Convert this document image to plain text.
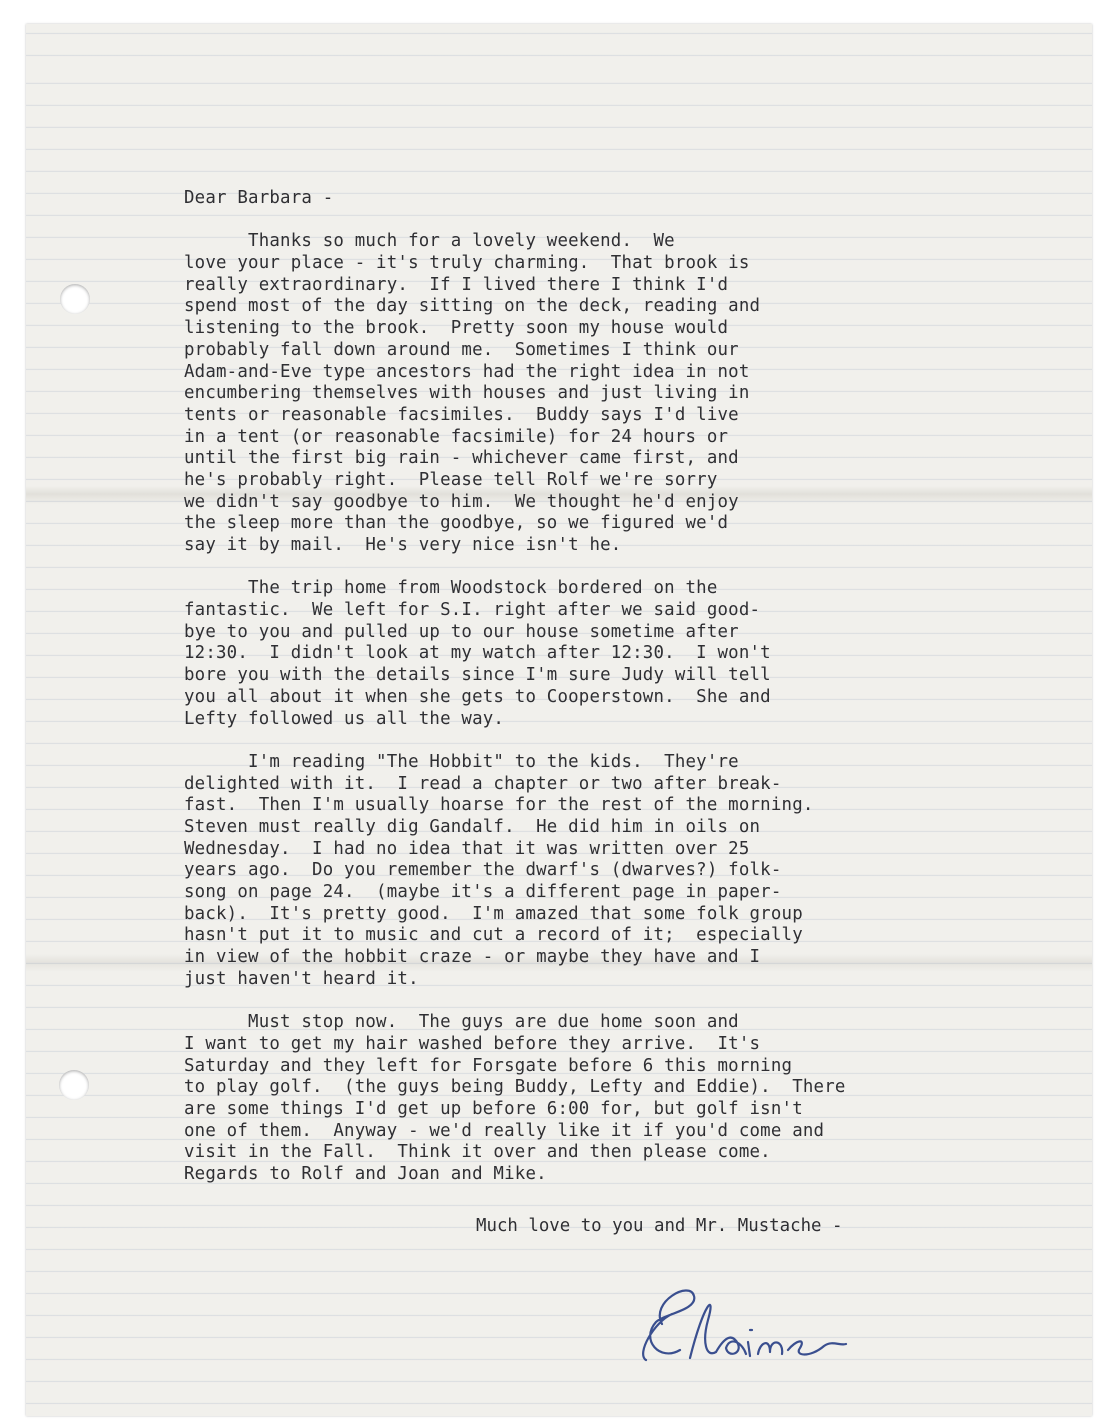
Dear Barbara -
Thanks so much for a lovely weekend.  We
love your place - it's truly charming.  That brook is
really extraordinary.  If I lived there I think I'd
spend most of the day sitting on the deck, reading and
listening to the brook.  Pretty soon my house would
probably fall down around me.  Sometimes I think our
Adam-and-Eve type ancestors had the right idea in not
encumbering themselves with houses and just living in
tents or reasonable facsimiles.  Buddy says I'd live
in a tent (or reasonable facsimile) for 24 hours or
until the first big rain - whichever came first, and
he's probably right.  Please tell Rolf we're sorry
we didn't say goodbye to him.  We thought he'd enjoy
the sleep more than the goodbye, so we figured we'd
say it by mail.  He's very nice isn't he.
The trip home from Woodstock bordered on the
fantastic.  We left for S.I. right after we said good-
bye to you and pulled up to our house sometime after
12:30.  I didn't look at my watch after 12:30.  I won't
bore you with the details since I'm sure Judy will tell
you all about it when she gets to Cooperstown.  She and
Lefty followed us all the way.
I'm reading "The Hobbit" to the kids.  They're
delighted with it.  I read a chapter or two after break-
fast.  Then I'm usually hoarse for the rest of the morning.
Steven must really dig Gandalf.  He did him in oils on
Wednesday.  I had no idea that it was written over 25
years ago.  Do you remember the dwarf's (dwarves?) folk-
song on page 24.  (maybe it's a different page in paper-
back).  It's pretty good.  I'm amazed that some folk group
hasn't put it to music and cut a record of it;  especially
in view of the hobbit craze - or maybe they have and I
just haven't heard it.
Must stop now.  The guys are due home soon and
I want to get my hair washed before they arrive.  It's
Saturday and they left for Forsgate before 6 this morning
to play golf.  (the guys being Buddy, Lefty and Eddie).  There
are some things I'd get up before 6:00 for, but golf isn't
one of them.  Anyway - we'd really like it if you'd come and
visit in the Fall.  Think it over and then please come.
Regards to Rolf and Joan and Mike.
Much love to you and Mr. Mustache -
